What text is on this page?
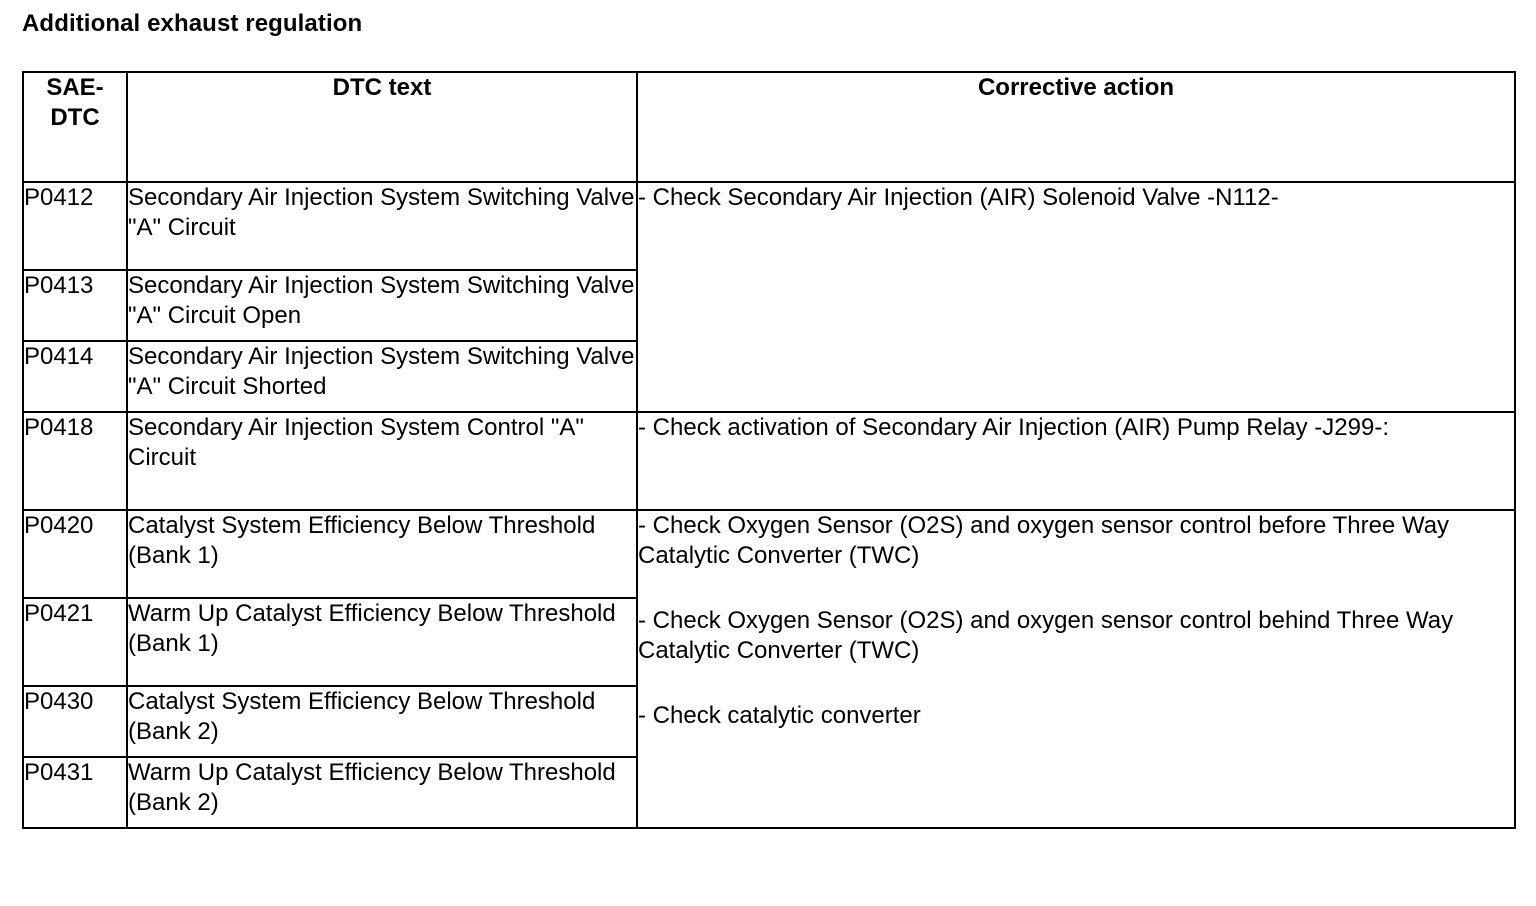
Additional exhaust regulation
SAE-
DTC	DTC text	Corrective action
P0412	Secondary Air Injection System Switching Valve "A" Circuit	- Check Secondary Air Injection (AIR) Solenoid Valve -N112-

P0413	Secondary Air Injection System Switching Valve "A" Circuit Open	
P0414	Secondary Air Injection System Switching Valve "A" Circuit Shorted	
P0418	Secondary Air Injection System Control "A" Circuit	- Check activation of Secondary Air Injection (AIR) Pump Relay -J299-:

P0420	Catalyst System Efficiency Below Threshold (Bank 1)	- Check Oxygen Sensor (O2S) and oxygen sensor control before Three Way Catalytic Converter (TWC)
- Check Oxygen Sensor (O2S) and oxygen sensor control behind Three Way Catalytic Converter (TWC)
- Check catalytic converter

P0421	Warm Up Catalyst Efficiency Below Threshold (Bank 1)	
P0430	Catalyst System Efficiency Below Threshold (Bank 2)	
P0431	Warm Up Catalyst Efficiency Below Threshold (Bank 2)	
